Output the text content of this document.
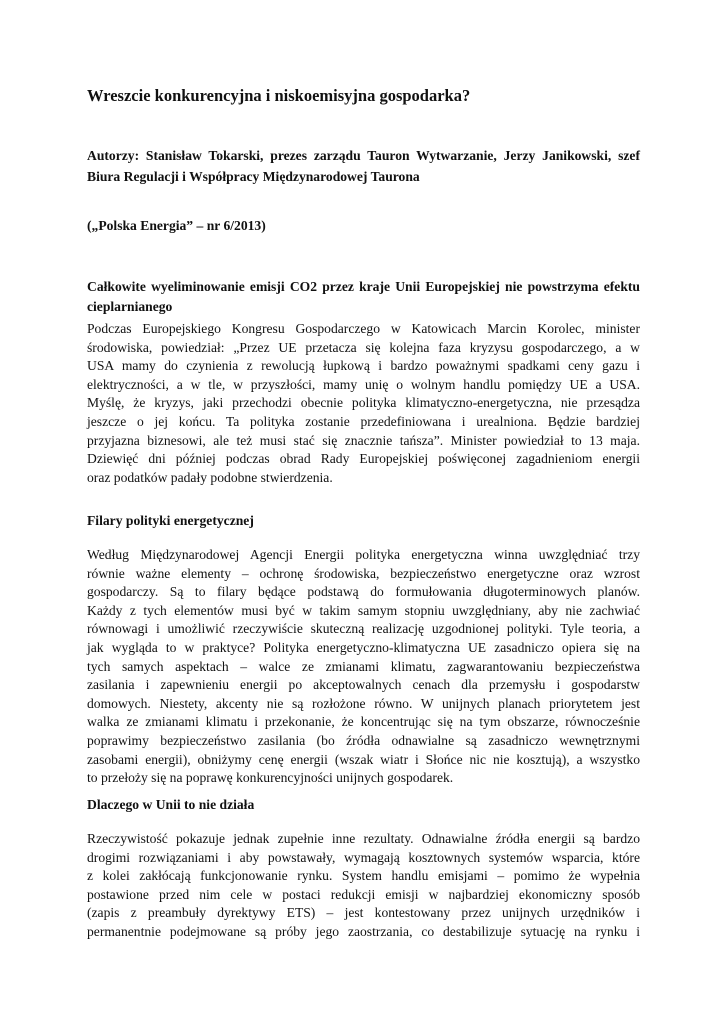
Wreszcie konkurencyjna i niskoemisyjna gospodarka?

Autorzy: Stanisław Tokarski, prezes zarządu Tauron Wytwarzanie, Jerzy Janikowski, szef Biura Regulacji i Współpracy Międzynarodowej Taurona

(„Polska Energia” – nr 6/2013)

Całkowite wyeliminowanie emisji CO2 przez kraje Unii Europejskiej nie powstrzyma efektu cieplarnianego
Podczas Europejskiego Kongresu Gospodarczego w Katowicach Marcin Korolec, minister
środowiska, powiedział: „Przez UE przetacza się kolejna faza kryzysu gospodarczego, a w
USA mamy do czynienia z rewolucją łupkową i bardzo poważnymi spadkami ceny gazu i
elektryczności, a w tle, w przyszłości, mamy unię o wolnym handlu pomiędzy UE a USA.
Myślę, że kryzys, jaki przechodzi obecnie polityka klimatyczno-energetyczna, nie przesądza
jeszcze o jej końcu. Ta polityka zostanie przedefiniowana i urealniona. Będzie bardziej
przyjazna biznesowi, ale też musi stać się znacznie tańsza”. Minister powiedział to 13 maja.
Dziewięć dni później podczas obrad Rady Europejskiej poświęconej zagadnieniom energii
oraz podatków padały podobne stwierdzenia.
Filary polityki energetycznej
Według Międzynarodowej Agencji Energii polityka energetyczna winna uwzględniać trzy
równie ważne elementy – ochronę środowiska, bezpieczeństwo energetyczne oraz wzrost
gospodarczy. Są to filary będące podstawą do formułowania długoterminowych planów.
Każdy z tych elementów musi być w takim samym stopniu uwzględniany, aby nie zachwiać
równowagi i umożliwić rzeczywiście skuteczną realizację uzgodnionej polityki. Tyle teoria, a
jak wygląda to w praktyce? Polityka energetyczno-klimatyczna UE zasadniczo opiera się na
tych samych aspektach – walce ze zmianami klimatu, zagwarantowaniu bezpieczeństwa
zasilania i zapewnieniu energii po akceptowalnych cenach dla przemysłu i gospodarstw
domowych. Niestety, akcenty nie są rozłożone równo. W unijnych planach priorytetem jest
walka ze zmianami klimatu i przekonanie, że koncentrując się na tym obszarze, równocześnie
poprawimy bezpieczeństwo zasilania (bo źródła odnawialne są zasadniczo wewnętrznymi
zasobami energii), obniżymy cenę energii (wszak wiatr i Słońce nic nie kosztują), a wszystko
to przełoży się na poprawę konkurencyjności unijnych gospodarek.
Dlaczego w Unii to nie działa
Rzeczywistość pokazuje jednak zupełnie inne rezultaty. Odnawialne źródła energii są bardzo
drogimi rozwiązaniami i aby powstawały, wymagają kosztownych systemów wsparcia, które
z kolei zakłócają funkcjonowanie rynku. System handlu emisjami – pomimo że wypełnia
postawione przed nim cele w postaci redukcji emisji w najbardziej ekonomiczny sposób
(zapis z preambuły dyrektywy ETS) – jest kontestowany przez unijnych urzędników i
permanentnie podejmowane są próby jego zaostrzania, co destabilizuje sytuację na rynku i
